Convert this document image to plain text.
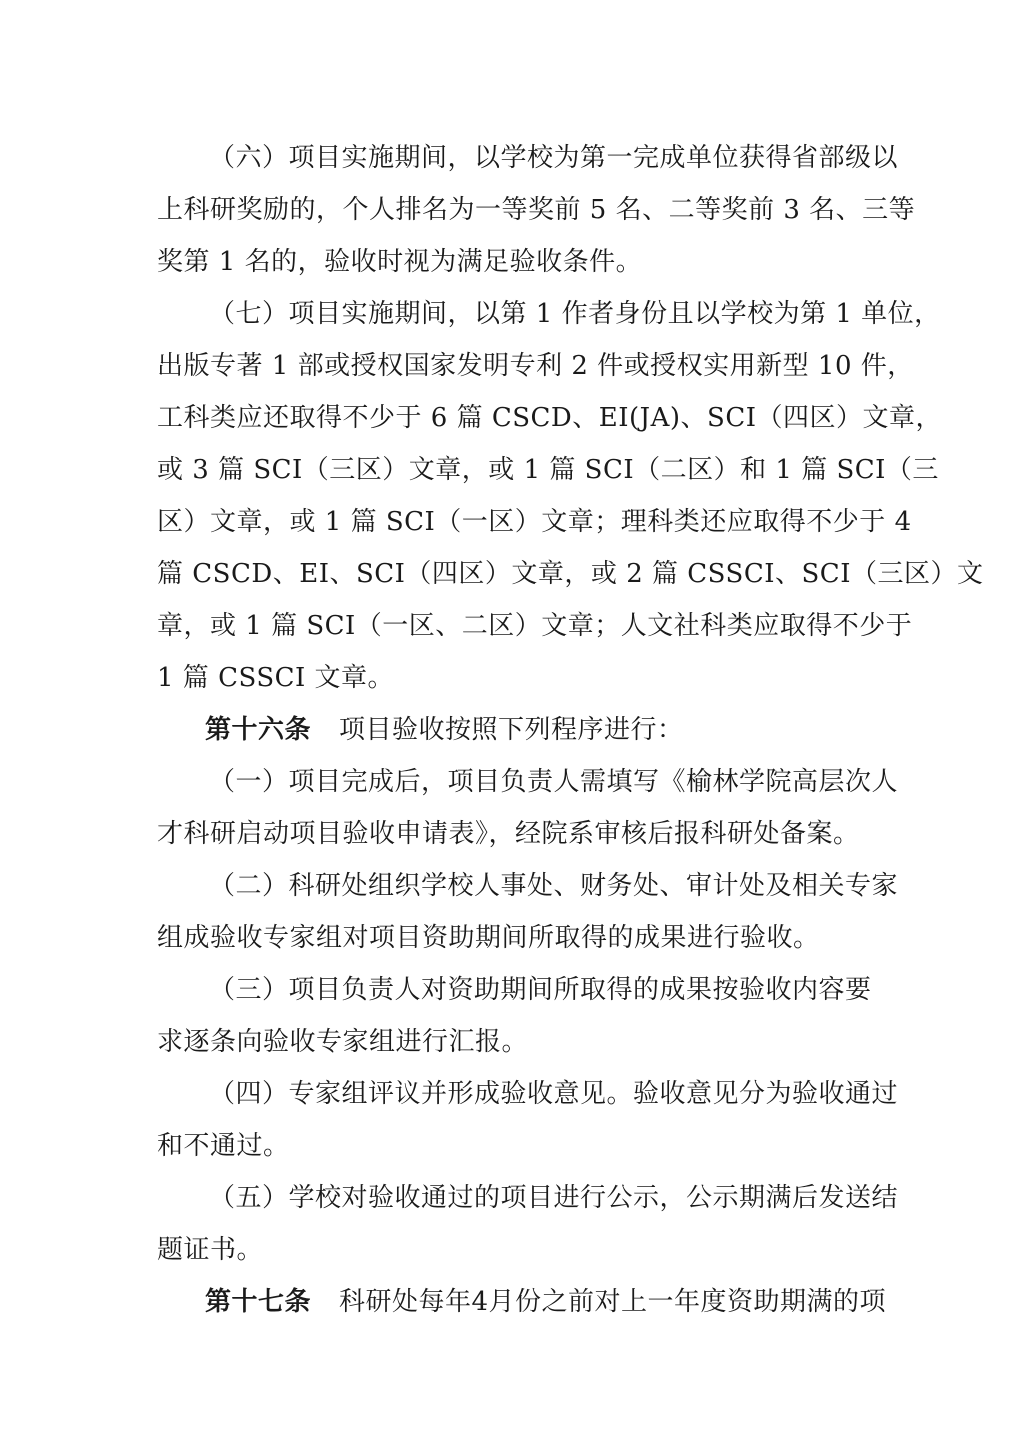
（六）项目实施期间，以学校为第一完成单位获得省部级以
上科研奖励的，个人排名为一等奖前 5 名、二等奖前 3 名、三等
奖第 1 名的，验收时视为满足验收条件。
（七）项目实施期间，以第 1 作者身份且以学校为第 1 单位，
出版专著 1 部或授权国家发明专利 2 件或授权实用新型 10 件，
工科类应还取得不少于 6 篇 CSCD、EI(JA)、SCI（四区）文章，
或 3 篇 SCI（三区）文章，或 1 篇 SCI（二区）和 1 篇 SCI（三
区）文章，或 1 篇 SCI（一区）文章；理科类还应取得不少于 4
篇 CSCD、EI、SCI（四区）文章，或 2 篇 CSSCI、SCI（三区）文
章，或 1 篇 SCI（一区、二区）文章；人文社科类应取得不少于
1 篇 CSSCI 文章。
第十六条 项目验收按照下列程序进行：
（一）项目完成后，项目负责人需填写《榆林学院高层次人
才科研启动项目验收申请表》，经院系审核后报科研处备案。
（二）科研处组织学校人事处、财务处、审计处及相关专家
组成验收专家组对项目资助期间所取得的成果进行验收。
（三）项目负责人对资助期间所取得的成果按验收内容要
求逐条向验收专家组进行汇报。
（四）专家组评议并形成验收意见。验收意见分为验收通过
和不通过。
（五）学校对验收通过的项目进行公示，公示期满后发送结
题证书。
第十七条 科研处每年4月份之前对上一年度资助期满的项
